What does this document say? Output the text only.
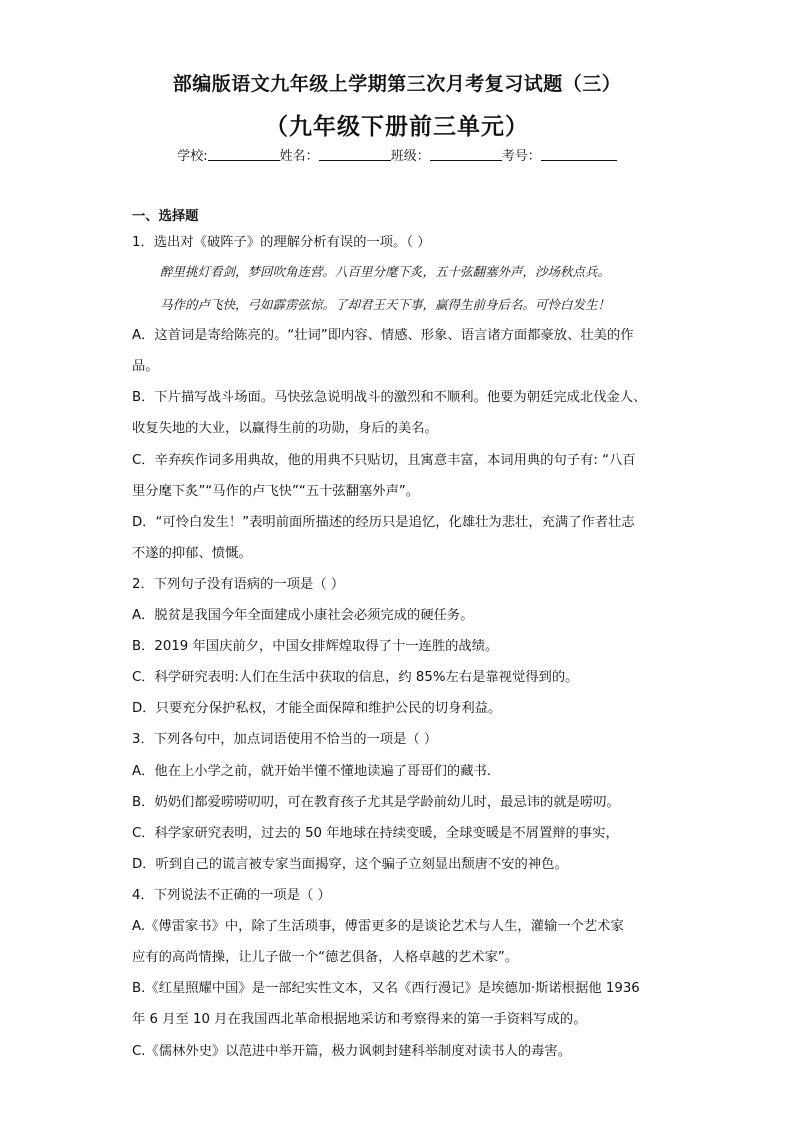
部编版语文九年级上学期第三次月考复习试题（三）
（九年级下册前三单元）
学校:	姓名：	班级：	考号：
一、选择题
1．选出对《破阵子》的理解分析有误的一项。（ ）
醉里挑灯看剑，梦回吹角连营。八百里分麾下炙，五十弦翻塞外声，沙场秋点兵。
马作的卢飞快，弓如霹雳弦惊。了却君王天下事，赢得生前身后名。可怜白发生！
A．这首词是寄给陈亮的。“壮词”即内容、情感、形象、语言诸方面都豪放、壮美的作
品。
B．下片描写战斗场面。马快弦急说明战斗的激烈和不顺利。他要为朝廷完成北伐金人、
收复失地的大业，以赢得生前的功勋，身后的美名。
C．辛弃疾作词多用典故，他的用典不只贴切，且寓意丰富，本词用典的句子有: “八百
里分麾下炙”“马作的卢飞快”“五十弦翻塞外声”。
D．“可怜白发生！”表明前面所描述的经历只是追忆，化雄壮为悲壮，充满了作者壮志
不遂的抑郁、愤慨。
2．下列句子没有语病的一项是（ ）
A．脱贫是我国今年全面建成小康社会必须完成的硬任务。
B．2019 年国庆前夕，中国女排辉煌取得了十一连胜的战绩。
C．科学研究表明:人们在生活中获取的信息，约 85%左右是靠视觉得到的。
D．只要充分保护私权，才能全面保障和维护公民的切身利益。
3．下列各句中，加点词语使用不恰当的一项是（ ）
A．他在上小学之前，就开始半懂不懂地读遍了哥哥们的藏书.
B．奶奶们都爱唠唠叨叨，可在教育孩子尤其是学龄前幼儿时，最忌讳的就是唠叨。
C．科学家研究表明，过去的 50 年地球在持续变暖，全球变暖是不屑置辩的事实，
D．听到自己的谎言被专家当面揭穿，这个骗子立刻显出颓唐不安的神色。
4．下列说法不正确的一项是（ ）
A.《傅雷家书》中，除了生活琐事，傅雷更多的是谈论艺术与人生，灌输一个艺术家
应有的高尚情操，让儿子做一个“德艺俱备，人格卓越的艺术家”。
B.《红星照耀中国》是一部纪实性文本，又名《西行漫记》是埃德加·斯诺根据他 1936
年 6 月至 10 月在我国西北革命根据地采访和考察得来的第一手资料写成的。
C.《儒林外史》以范进中举开篇，极力讽刺封建科举制度对读书人的毒害。
